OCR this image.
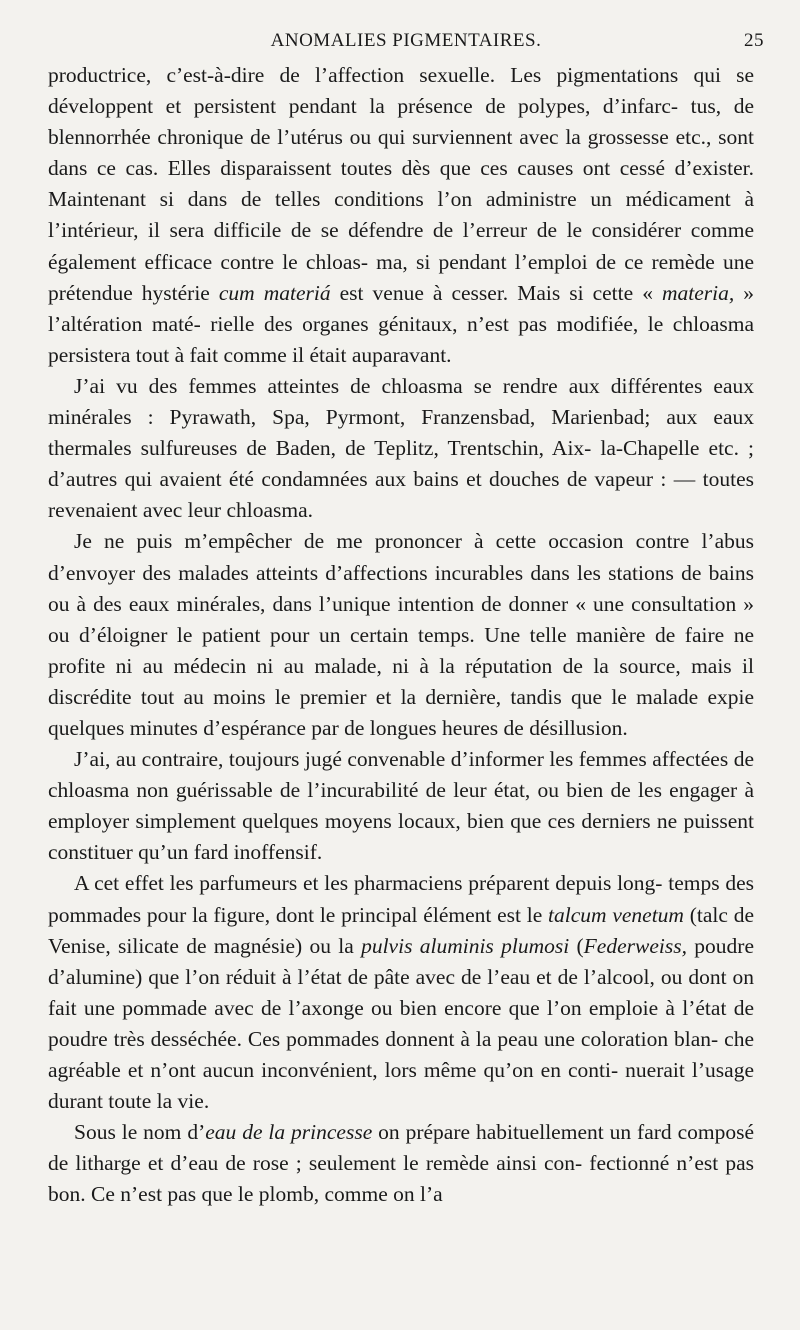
ANOMALIES PIGMENTAIRES.	25

productrice, c’est-à-dire de l’affection sexuelle. Les pigmentations qui se développent et persistent pendant la présence de polypes, d’infarc- tus, de blennorrhée chronique de l’utérus ou qui surviennent avec la grossesse etc., sont dans ce cas. Elles disparaissent toutes dès que ces causes ont cessé d’exister. Maintenant si dans de telles conditions l’on administre un médicament à l’intérieur, il sera difficile de se défendre de l’erreur de le considérer comme également efficace contre le chloas- ma, si pendant l’emploi de ce remède une prétendue hystérie cum materiá est venue à cesser. Mais si cette « materia, » l’altération maté- rielle des organes génitaux, n’est pas modifiée, le chloasma persistera tout à fait comme il était auparavant.

J’ai vu des femmes atteintes de chloasma se rendre aux différentes eaux minérales : Pyrawath, Spa, Pyrmont, Franzensbad, Marienbad; aux eaux thermales sulfureuses de Baden, de Teplitz, Trentschin, Aix- la-Chapelle etc. ; d’autres qui avaient été condamnées aux bains et douches de vapeur : — toutes revenaient avec leur chloasma.

Je ne puis m’empêcher de me prononcer à cette occasion contre l’abus d’envoyer des malades atteints d’affections incurables dans les stations de bains ou à des eaux minérales, dans l’unique intention de donner « une consultation » ou d’éloigner le patient pour un certain temps. Une telle manière de faire ne profite ni au médecin ni au malade, ni à la réputation de la source, mais il discrédite tout au moins le premier et la dernière, tandis que le malade expie quelques minutes d’espérance par de longues heures de désillusion.

J’ai, au contraire, toujours jugé convenable d’informer les femmes affectées de chloasma non guérissable de l’incurabilité de leur état, ou bien de les engager à employer simplement quelques moyens locaux, bien que ces derniers ne puissent constituer qu’un fard inoffensif.

A cet effet les parfumeurs et les pharmaciens préparent depuis long- temps des pommades pour la figure, dont le principal élément est le talcum venetum (talc de Venise, silicate de magnésie) ou la pulvis aluminis plumosi (Federweiss, poudre d’alumine) que l’on réduit à l’état de pâte avec de l’eau et de l’alcool, ou dont on fait une pommade avec de l’axonge ou bien encore que l’on emploie à l’état de poudre très desséchée. Ces pommades donnent à la peau une coloration blan- che agréable et n’ont aucun inconvénient, lors même qu’on en conti- nuerait l’usage durant toute la vie.

Sous le nom d’eau de la princesse on prépare habituellement un fard composé de litharge et d’eau de rose ; seulement le remède ainsi con- fectionné n’est pas bon. Ce n’est pas que le plomb, comme on l’a
